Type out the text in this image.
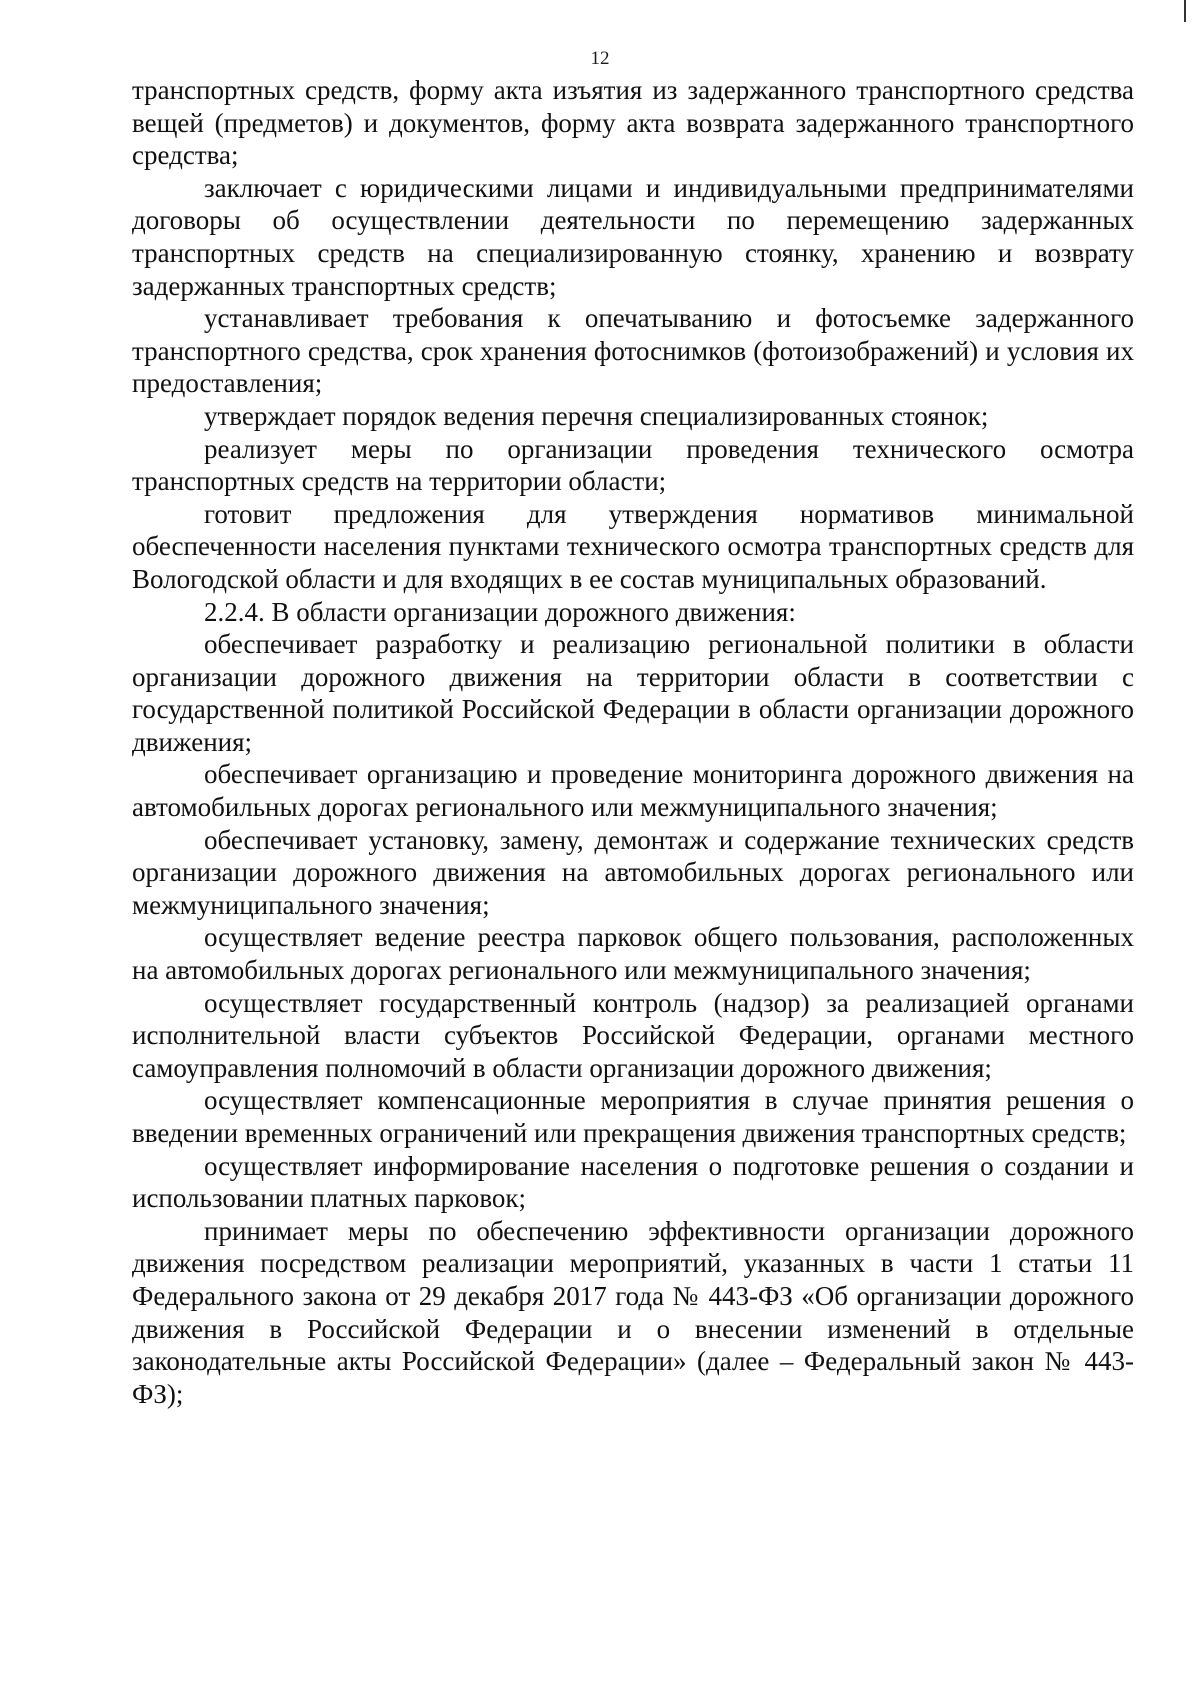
12

транспортных средств, форму акта изъятия из задержанного транспортного средства вещей (предметов) и документов, форму акта возврата задержанного транспортного средства;

заключает с юридическими лицами и индивидуальными предпринимателями договоры об осуществлении деятельности по перемещению задержанных транспортных средств на специализированную стоянку, хранению и возврату задержанных транспортных средств;

устанавливает требования к опечатыванию и фотосъемке задержанного транспортного средства, срок хранения фотоснимков (фотоизображений) и условия их предоставления;

утверждает порядок ведения перечня специализированных стоянок;

реализует меры по организации проведения технического осмотра транспортных средств на территории области;

готовит предложения для утверждения нормативов минимальной обеспеченности населения пунктами технического осмотра транспортных средств для Вологодской области и для входящих в ее состав муниципальных образований.

2.2.4. В области организации дорожного движения:

обеспечивает разработку и реализацию региональной политики в области организации дорожного движения на территории области в соответствии с государственной политикой Российской Федерации в области организации дорожного движения;

обеспечивает организацию и проведение мониторинга дорожного движения на автомобильных дорогах регионального или межмуниципального значения;

обеспечивает установку, замену, демонтаж и содержание технических средств организации дорожного движения на автомобильных дорогах регионального или межмуниципального значения;

осуществляет ведение реестра парковок общего пользования, расположенных на автомобильных дорогах регионального или межмуниципального значения;

осуществляет государственный контроль (надзор) за реализацией органами исполнительной власти субъектов Российской Федерации, органами местного самоуправления полномочий в области организации дорожного движения;

осуществляет компенсационные мероприятия в случае принятия решения о введении временных ограничений или прекращения движения транспортных средств;

осуществляет информирование населения о подготовке решения о создании и использовании платных парковок;

принимает меры по обеспечению эффективности организации дорожного движения посредством реализации мероприятий, указанных в части 1 статьи 11 Федерального закона от 29 декабря 2017 года № 443-ФЗ «Об организации дорожного движения в Российской Федерации и о внесении изменений в отдельные законодательные акты Российской Федерации» (далее – Федеральный закон № 443-ФЗ);
